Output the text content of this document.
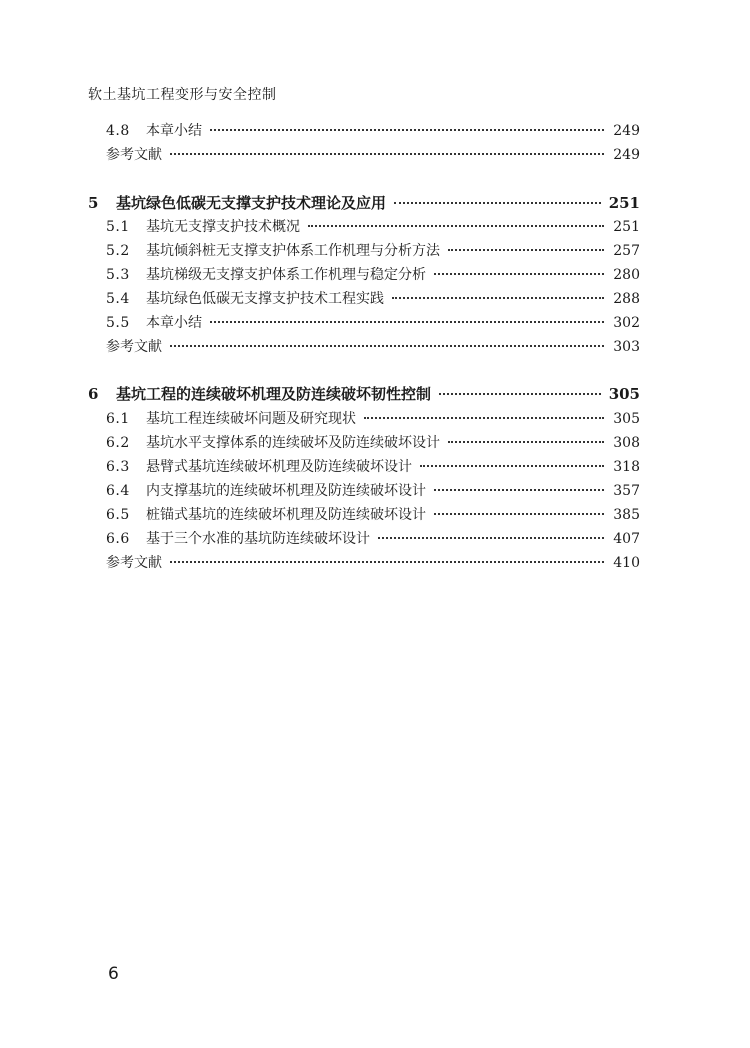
软土基坑工程变形与安全控制
4.8	本章小结	249
参考文献	249
5	基坑绿色低碳无支撑支护技术理论及应用	251
5.1	基坑无支撑支护技术概况	251
5.2	基坑倾斜桩无支撑支护体系工作机理与分析方法	257
5.3	基坑梯级无支撑支护体系工作机理与稳定分析	280
5.4	基坑绿色低碳无支撑支护技术工程实践	288
5.5	本章小结	302
参考文献	303
6	基坑工程的连续破坏机理及防连续破坏韧性控制	305
6.1	基坑工程连续破坏问题及研究现状	305
6.2	基坑水平支撑体系的连续破坏及防连续破坏设计	308
6.3	悬臂式基坑连续破坏机理及防连续破坏设计	318
6.4	内支撑基坑的连续破坏机理及防连续破坏设计	357
6.5	桩锚式基坑的连续破坏机理及防连续破坏设计	385
6.6	基于三个水准的基坑防连续破坏设计	407
参考文献	410
6
